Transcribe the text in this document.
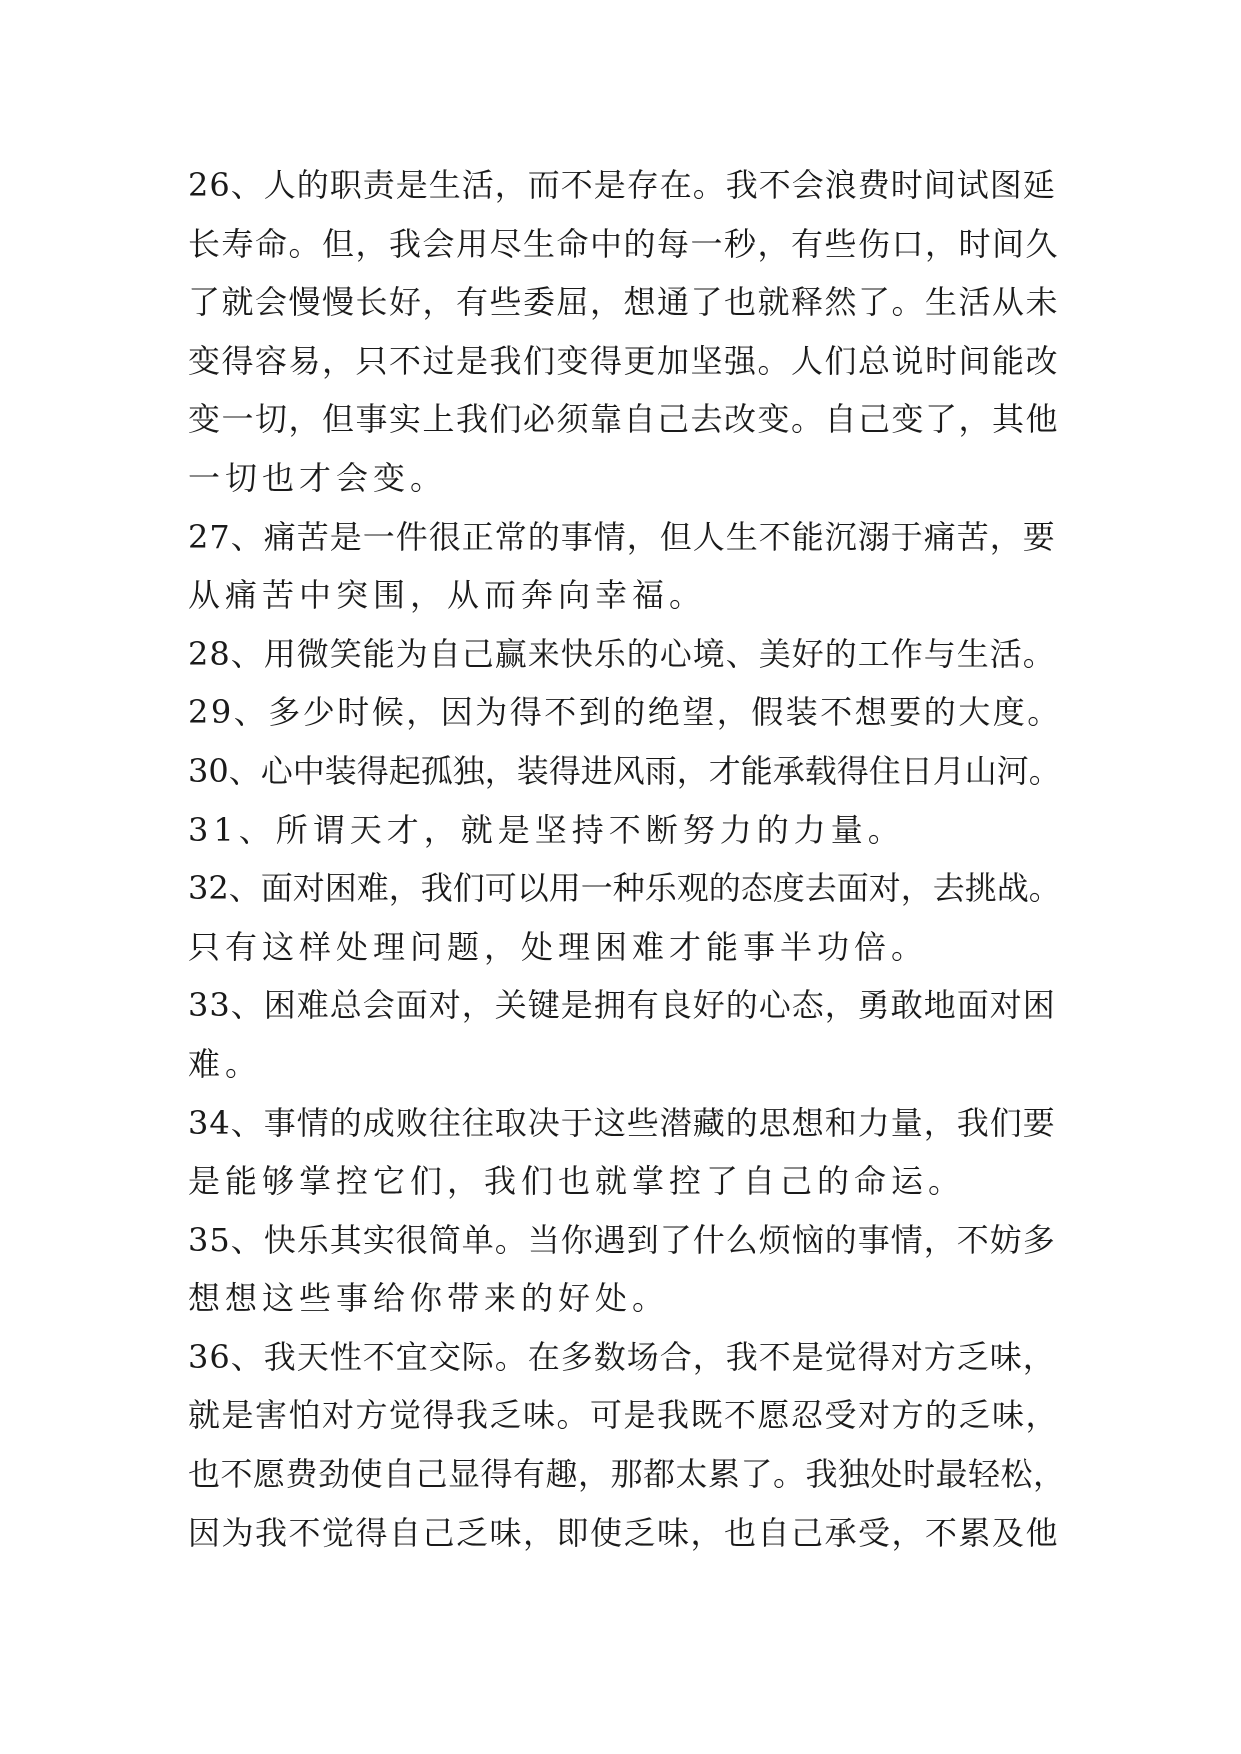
26、人的职责是生活，而不是存在。我不会浪费时间试图延
长寿命。但，我会用尽生命中的每一秒，有些伤口，时间久
了就会慢慢长好，有些委屈，想通了也就释然了。生活从未
变得容易，只不过是我们变得更加坚强。人们总说时间能改
变一切，但事实上我们必须靠自己去改变。自己变了，其他
一切也才会变。
27、痛苦是一件很正常的事情，但人生不能沉溺于痛苦，要
从痛苦中突围，从而奔向幸福。
28、用微笑能为自己赢来快乐的心境、美好的工作与生活。
29、多少时候，因为得不到的绝望，假装不想要的大度。
30、心中装得起孤独，装得进风雨，才能承载得住日月山河。
31、所谓天才，就是坚持不断努力的力量。
32、面对困难，我们可以用一种乐观的态度去面对，去挑战。
只有这样处理问题，处理困难才能事半功倍。
33、困难总会面对，关键是拥有良好的心态，勇敢地面对困
难。
34、事情的成败往往取决于这些潜藏的思想和力量，我们要
是能够掌控它们，我们也就掌控了自己的命运。
35、快乐其实很简单。当你遇到了什么烦恼的事情，不妨多
想想这些事给你带来的好处。
36、我天性不宜交际。在多数场合，我不是觉得对方乏味，
就是害怕对方觉得我乏味。可是我既不愿忍受对方的乏味，
也不愿费劲使自己显得有趣，那都太累了。我独处时最轻松，
因为我不觉得自己乏味，即使乏味，也自己承受，不累及他
